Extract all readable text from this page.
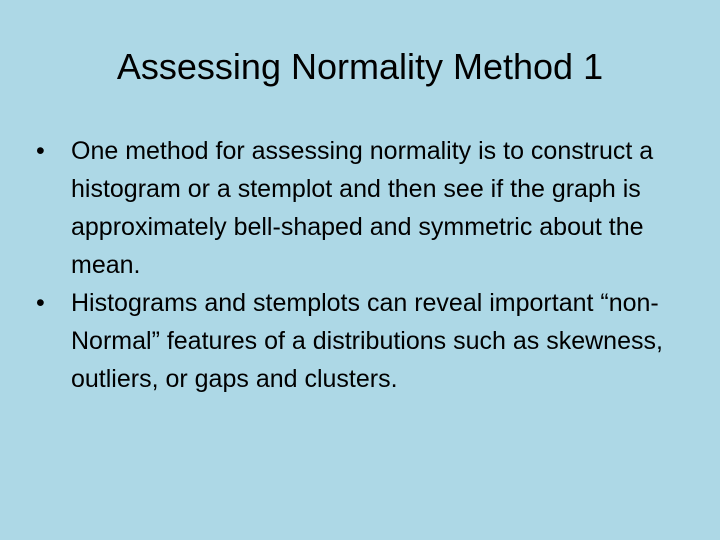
Assessing Normality Method 1
•	One method for assessing normality is to construct a histogram or a stemplot and then see if the graph is approximately bell-shaped and symmetric about the mean.
•	Histograms and stemplots can reveal important “non-Normal” features of a distributions such as skewness, outliers, or gaps and clusters.
